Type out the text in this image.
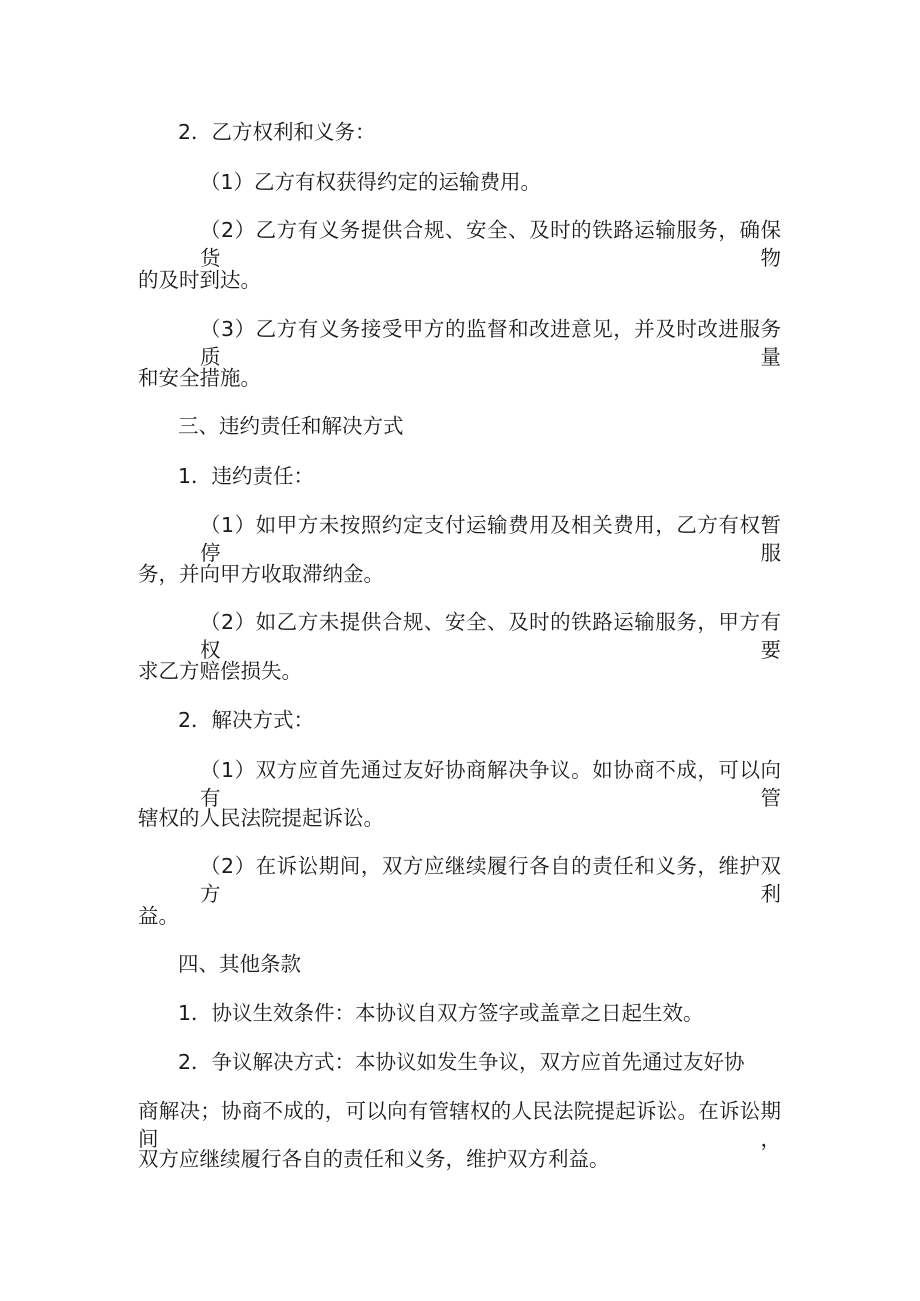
2．乙方权利和义务：
（1）乙方有权获得约定的运输费用。
（2）乙方有义务提供合规、安全、及时的铁路运输服务，确保货物
的及时到达。
（3）乙方有义务接受甲方的监督和改进意见，并及时改进服务质量
和安全措施。
三、违约责任和解决方式
1．违约责任：
（1）如甲方未按照约定支付运输费用及相关费用，乙方有权暂停服
务，并向甲方收取滞纳金。
（2）如乙方未提供合规、安全、及时的铁路运输服务，甲方有权要
求乙方赔偿损失。
2．解决方式：
（1）双方应首先通过友好协商解决争议。如协商不成，可以向有管
辖权的人民法院提起诉讼。
（2）在诉讼期间，双方应继续履行各自的责任和义务，维护双方利
益。
四、其他条款
1．协议生效条件：本协议自双方签字或盖章之日起生效。
2．争议解决方式：本协议如发生争议，双方应首先通过友好协
商解决；协商不成的，可以向有管辖权的人民法院提起诉讼。在诉讼期间，
双方应继续履行各自的责任和义务，维护双方利益。
